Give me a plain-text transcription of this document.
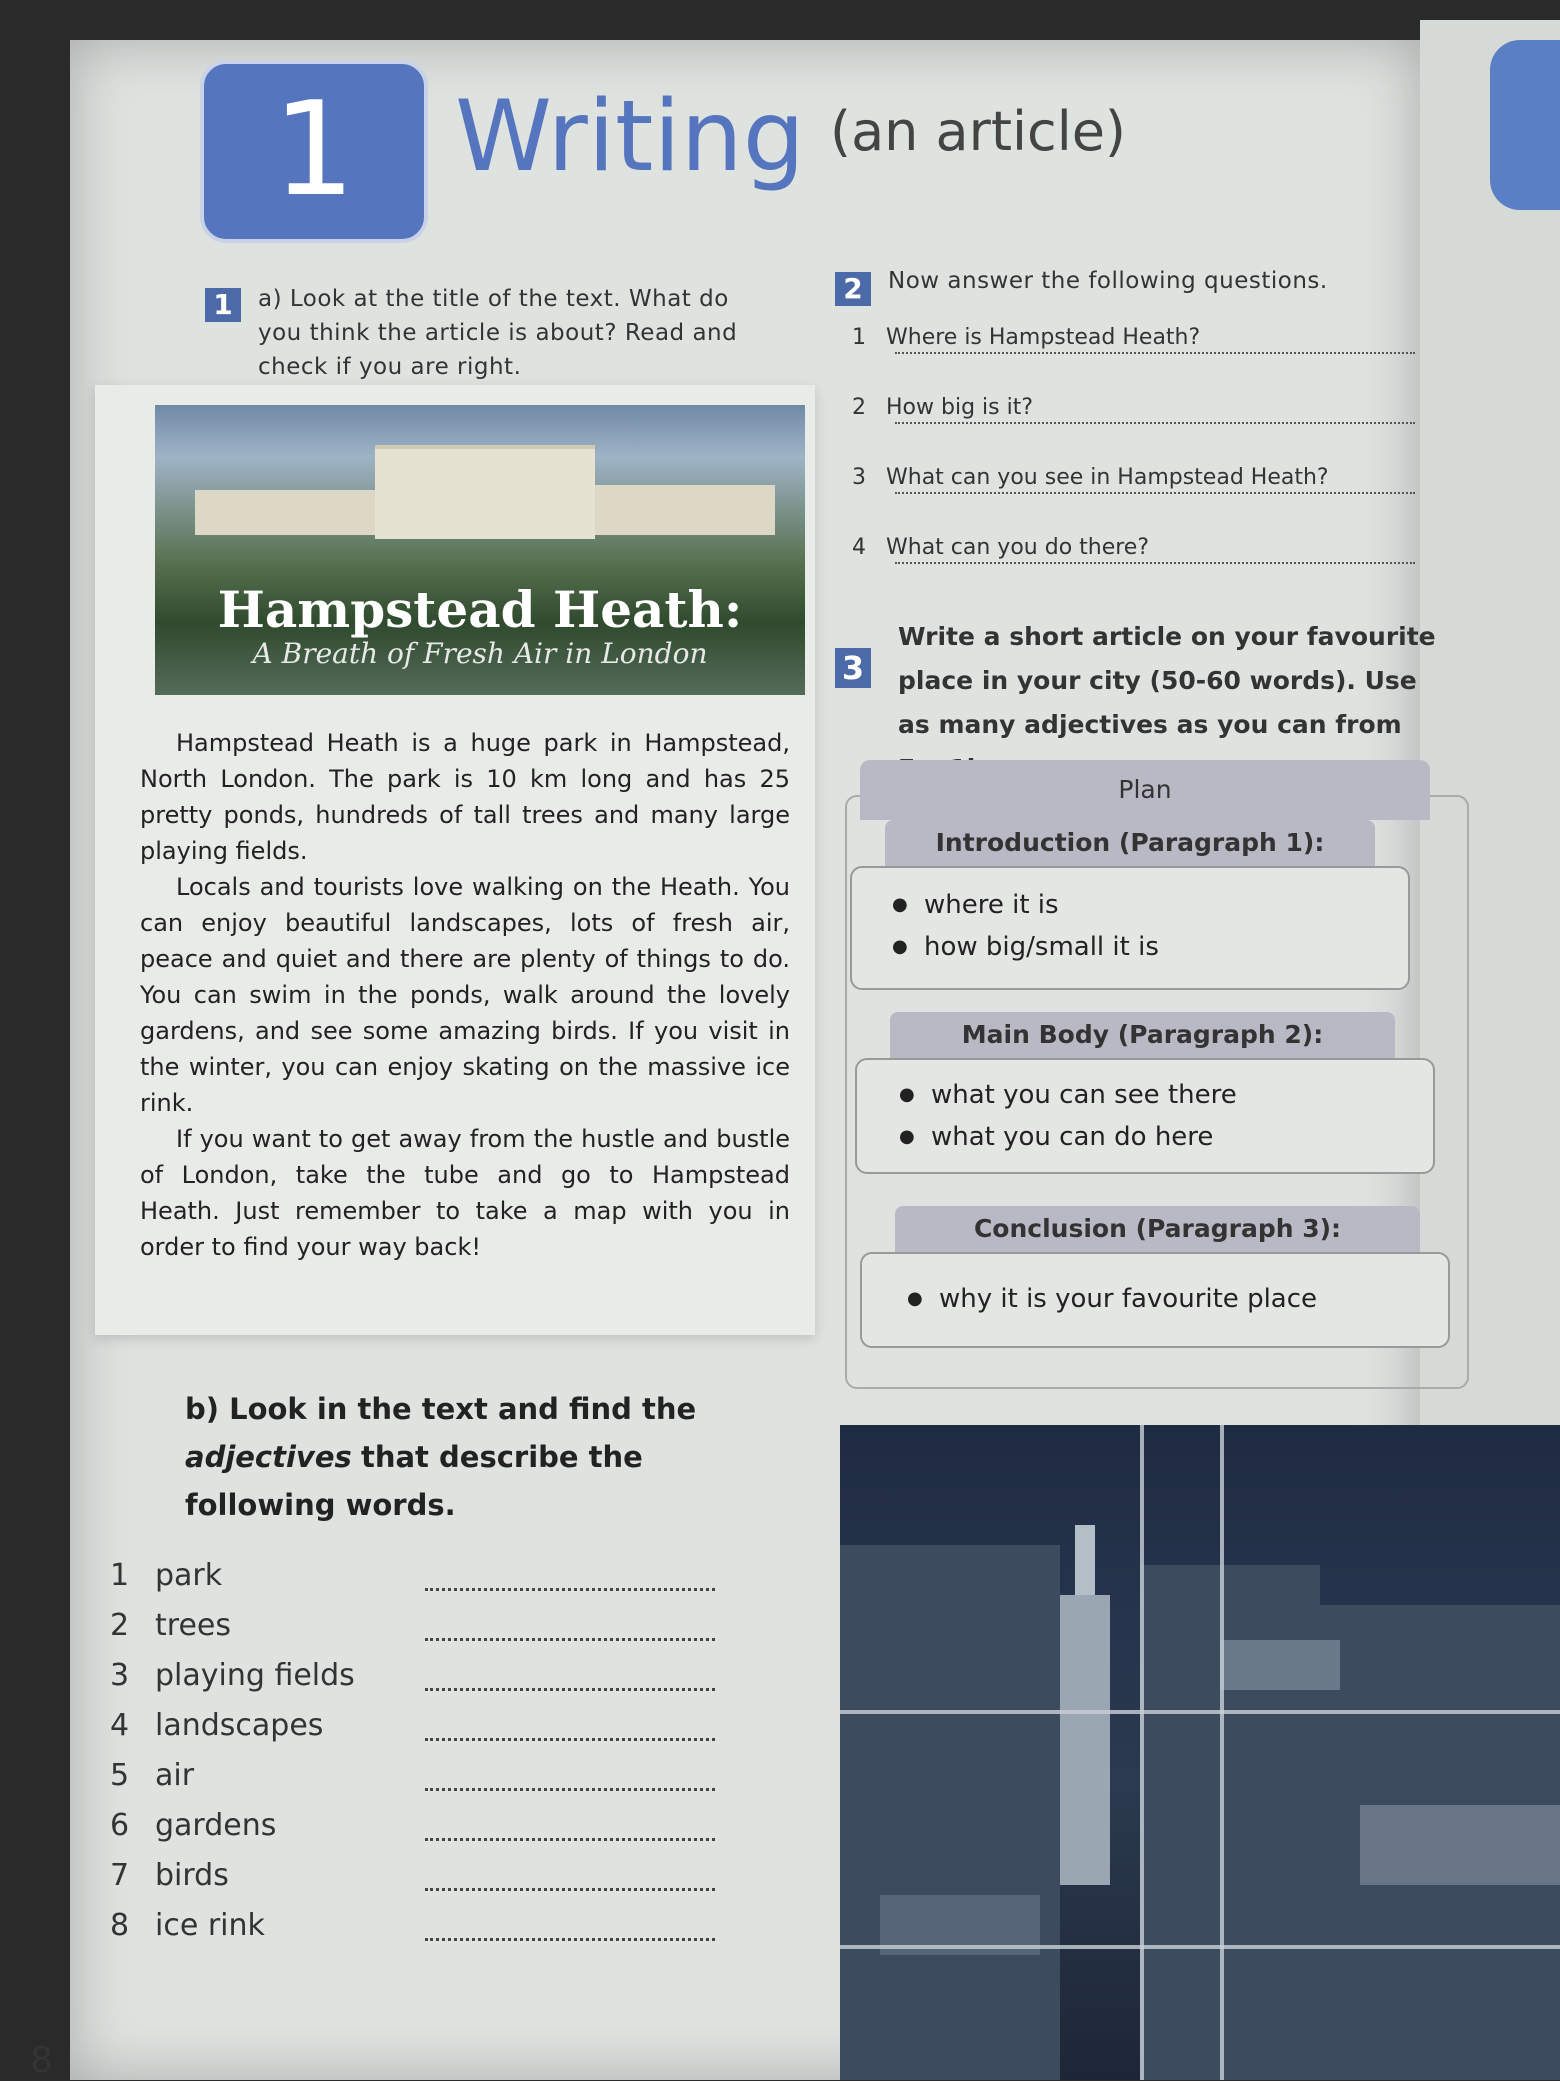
1	Writing (an article)
1	a) Look at the title of the text. What do you think the article is about? Read and check if you are right.
Hampstead Heath:
A Breath of Fresh Air in London

Hampstead Heath is a huge park in Hampstead, North London. The park is 10 km long and has 25 pretty ponds, hundreds of tall trees and many large playing fields.

Locals and tourists love walking on the Heath. You can enjoy beautiful landscapes, lots of fresh air, peace and quiet and there are plenty of things to do. You can swim in the ponds, walk around the lovely gardens, and see some amazing birds. If you visit in the winter, you can enjoy skating on the massive ice rink.

If you want to get away from the hustle and bustle of London, take the tube and go to Hampstead Heath. Just remember to take a map with you in order to find your way back!

b) Look in the text and find the adjectives that describe the following words.
1 park
2 trees
3 playing fields
4 landscapes
5 air
6 gardens
7 birds
8 ice rink
2	Now answer the following questions.
1 Where is Hampstead Heath?
2 How big is it?
3 What can you see in Hampstead Heath?
4 What can you do there?
3
Write a short article on your favourite place in your city (50-60 words). Use as many adjectives as you can from
Plan
Introduction (Paragraph 1):
● where it is
● how big/small it is
Main Body (Paragraph 2):
● what you can see there
● what you can do here
Conclusion (Paragraph 3):
● why it is your favourite place
8
